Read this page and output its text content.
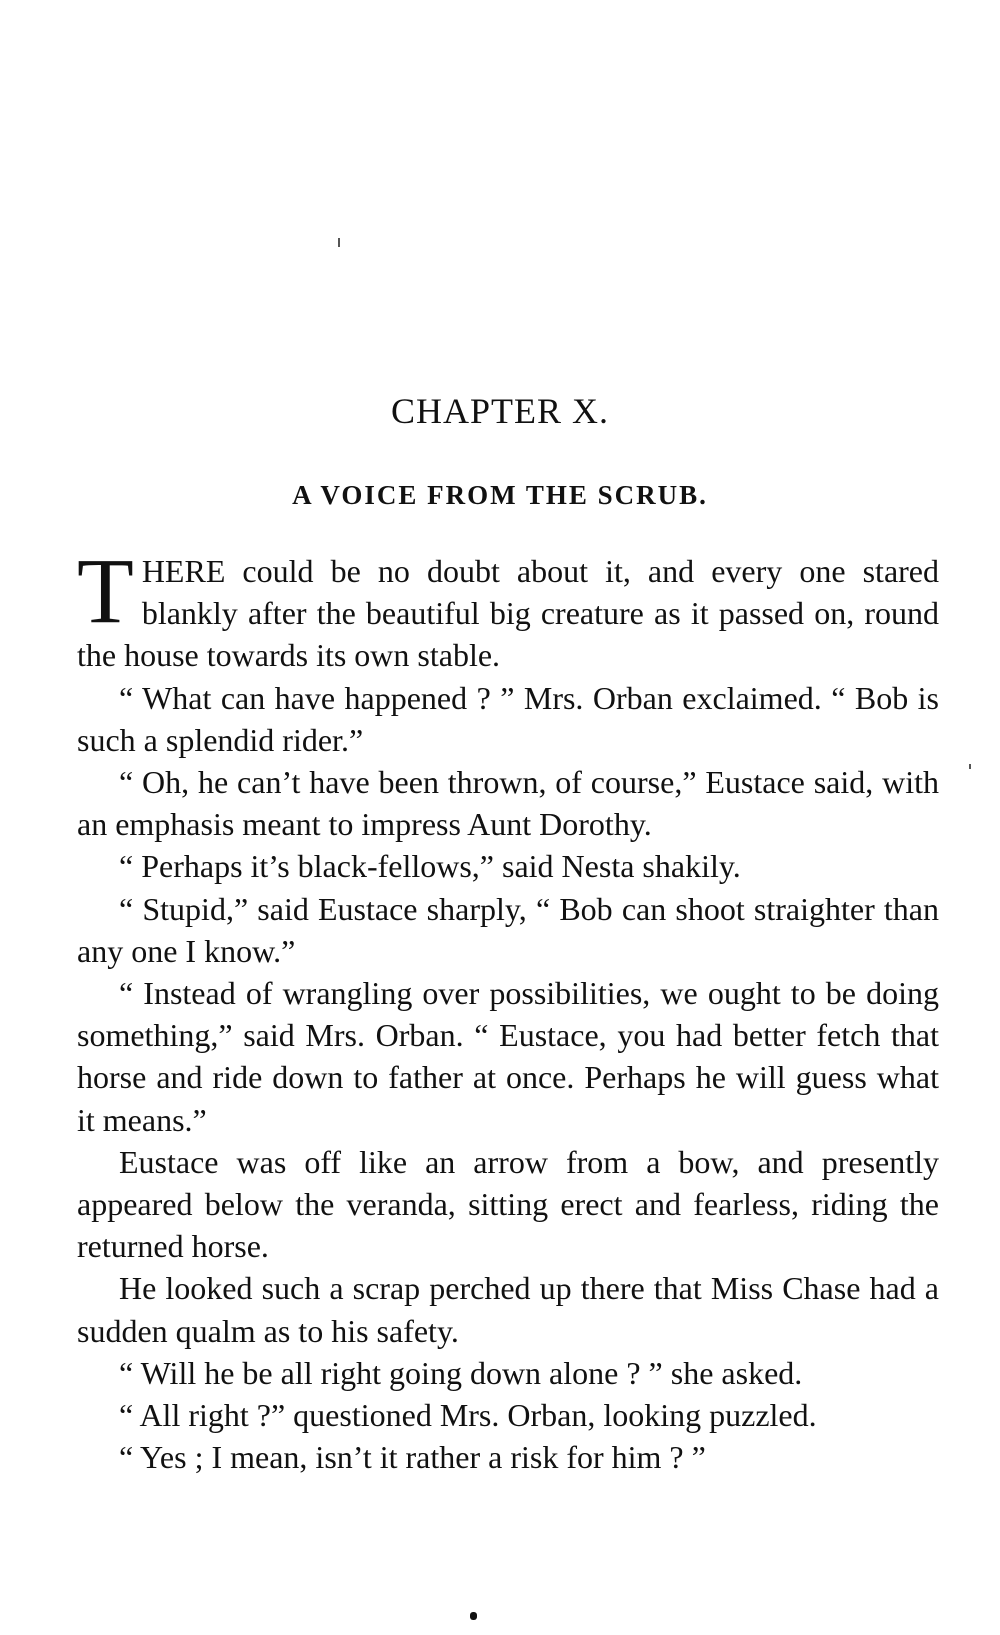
CHAPTER X.
A VOICE FROM THE SCRUB.

THERE could be no doubt about it, and every one stared blankly after the beautiful big creature as it passed on, round the house towards its own stable.

“ What can have happened ? ” Mrs. Orban exclaimed. “ Bob is such a splendid rider.”

“ Oh, he can’t have been thrown, of course,” Eustace said, with an emphasis meant to impress Aunt Dorothy.

“ Perhaps it’s black-fellows,” said Nesta shakily.

“ Stupid,” said Eustace sharply, “ Bob can shoot straighter than any one I know.”

“ Instead of wrangling over possibilities, we ought to be doing something,” said Mrs. Orban. “ Eustace, you had better fetch that horse and ride down to father at once. Perhaps he will guess what it means.”

Eustace was off like an arrow from a bow, and presently appeared below the veranda, sitting erect and fearless, riding the returned horse.

He looked such a scrap perched up there that Miss Chase had a sudden qualm as to his safety.

“ Will he be all right going down alone ? ” she asked.

“ All right ?” questioned Mrs. Orban, looking puzzled.

“ Yes ; I mean, isn’t it rather a risk for him ? ”
